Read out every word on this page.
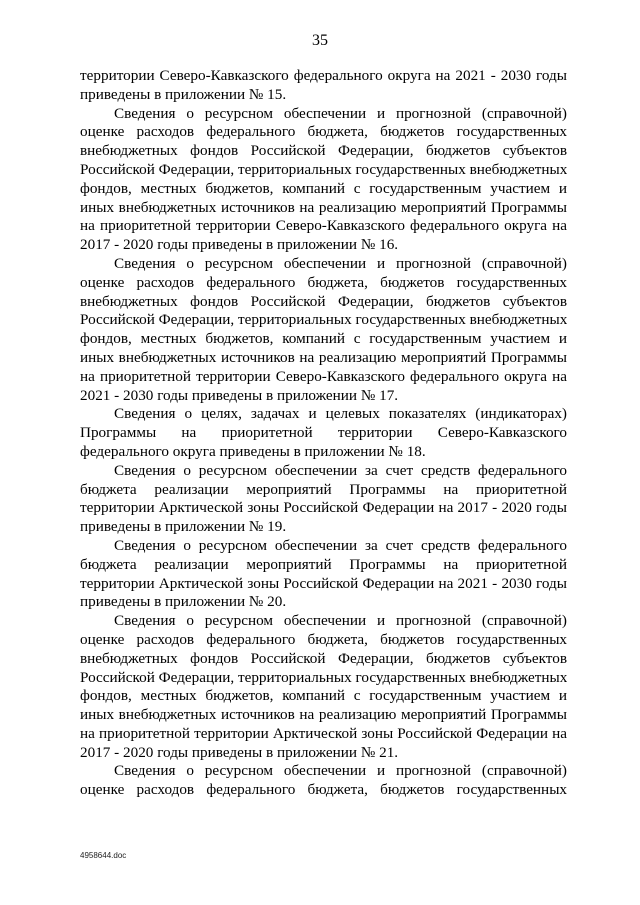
35
территории Северо-Кавказского федерального округа на 2021 - 2030 годы
приведены в приложении № 15.
Сведения о ресурсном обеспечении и прогнозной (справочной)
оценке расходов федерального бюджета, бюджетов государственных
внебюджетных фондов Российской Федерации, бюджетов субъектов
Российской Федерации, территориальных государственных внебюджетных
фондов, местных бюджетов, компаний с государственным участием и
иных внебюджетных источников на реализацию мероприятий Программы
на приоритетной территории Северо-Кавказского федерального округа на
2017 - 2020 годы приведены в приложении № 16.
Сведения о ресурсном обеспечении и прогнозной (справочной)
оценке расходов федерального бюджета, бюджетов государственных
внебюджетных фондов Российской Федерации, бюджетов субъектов
Российской Федерации, территориальных государственных внебюджетных
фондов, местных бюджетов, компаний с государственным участием и
иных внебюджетных источников на реализацию мероприятий Программы
на приоритетной территории Северо-Кавказского федерального округа на
2021 - 2030 годы приведены в приложении № 17.
Сведения о целях, задачах и целевых показателях (индикаторах)
Программы на приоритетной территории Северо-Кавказского
федерального округа приведены в приложении № 18.
Сведения о ресурсном обеспечении за счет средств федерального
бюджета реализации мероприятий Программы на приоритетной
территории Арктической зоны Российской Федерации на 2017 - 2020 годы
приведены в приложении № 19.
Сведения о ресурсном обеспечении за счет средств федерального
бюджета реализации мероприятий Программы на приоритетной
территории Арктической зоны Российской Федерации на 2021 - 2030 годы
приведены в приложении № 20.
Сведения о ресурсном обеспечении и прогнозной (справочной)
оценке расходов федерального бюджета, бюджетов государственных
внебюджетных фондов Российской Федерации, бюджетов субъектов
Российской Федерации, территориальных государственных внебюджетных
фондов, местных бюджетов, компаний с государственным участием и
иных внебюджетных источников на реализацию мероприятий Программы
на приоритетной территории Арктической зоны Российской Федерации на
2017 - 2020 годы приведены в приложении № 21.
Сведения о ресурсном обеспечении и прогнозной (справочной)
оценке расходов федерального бюджета, бюджетов государственных
4958644.doc
